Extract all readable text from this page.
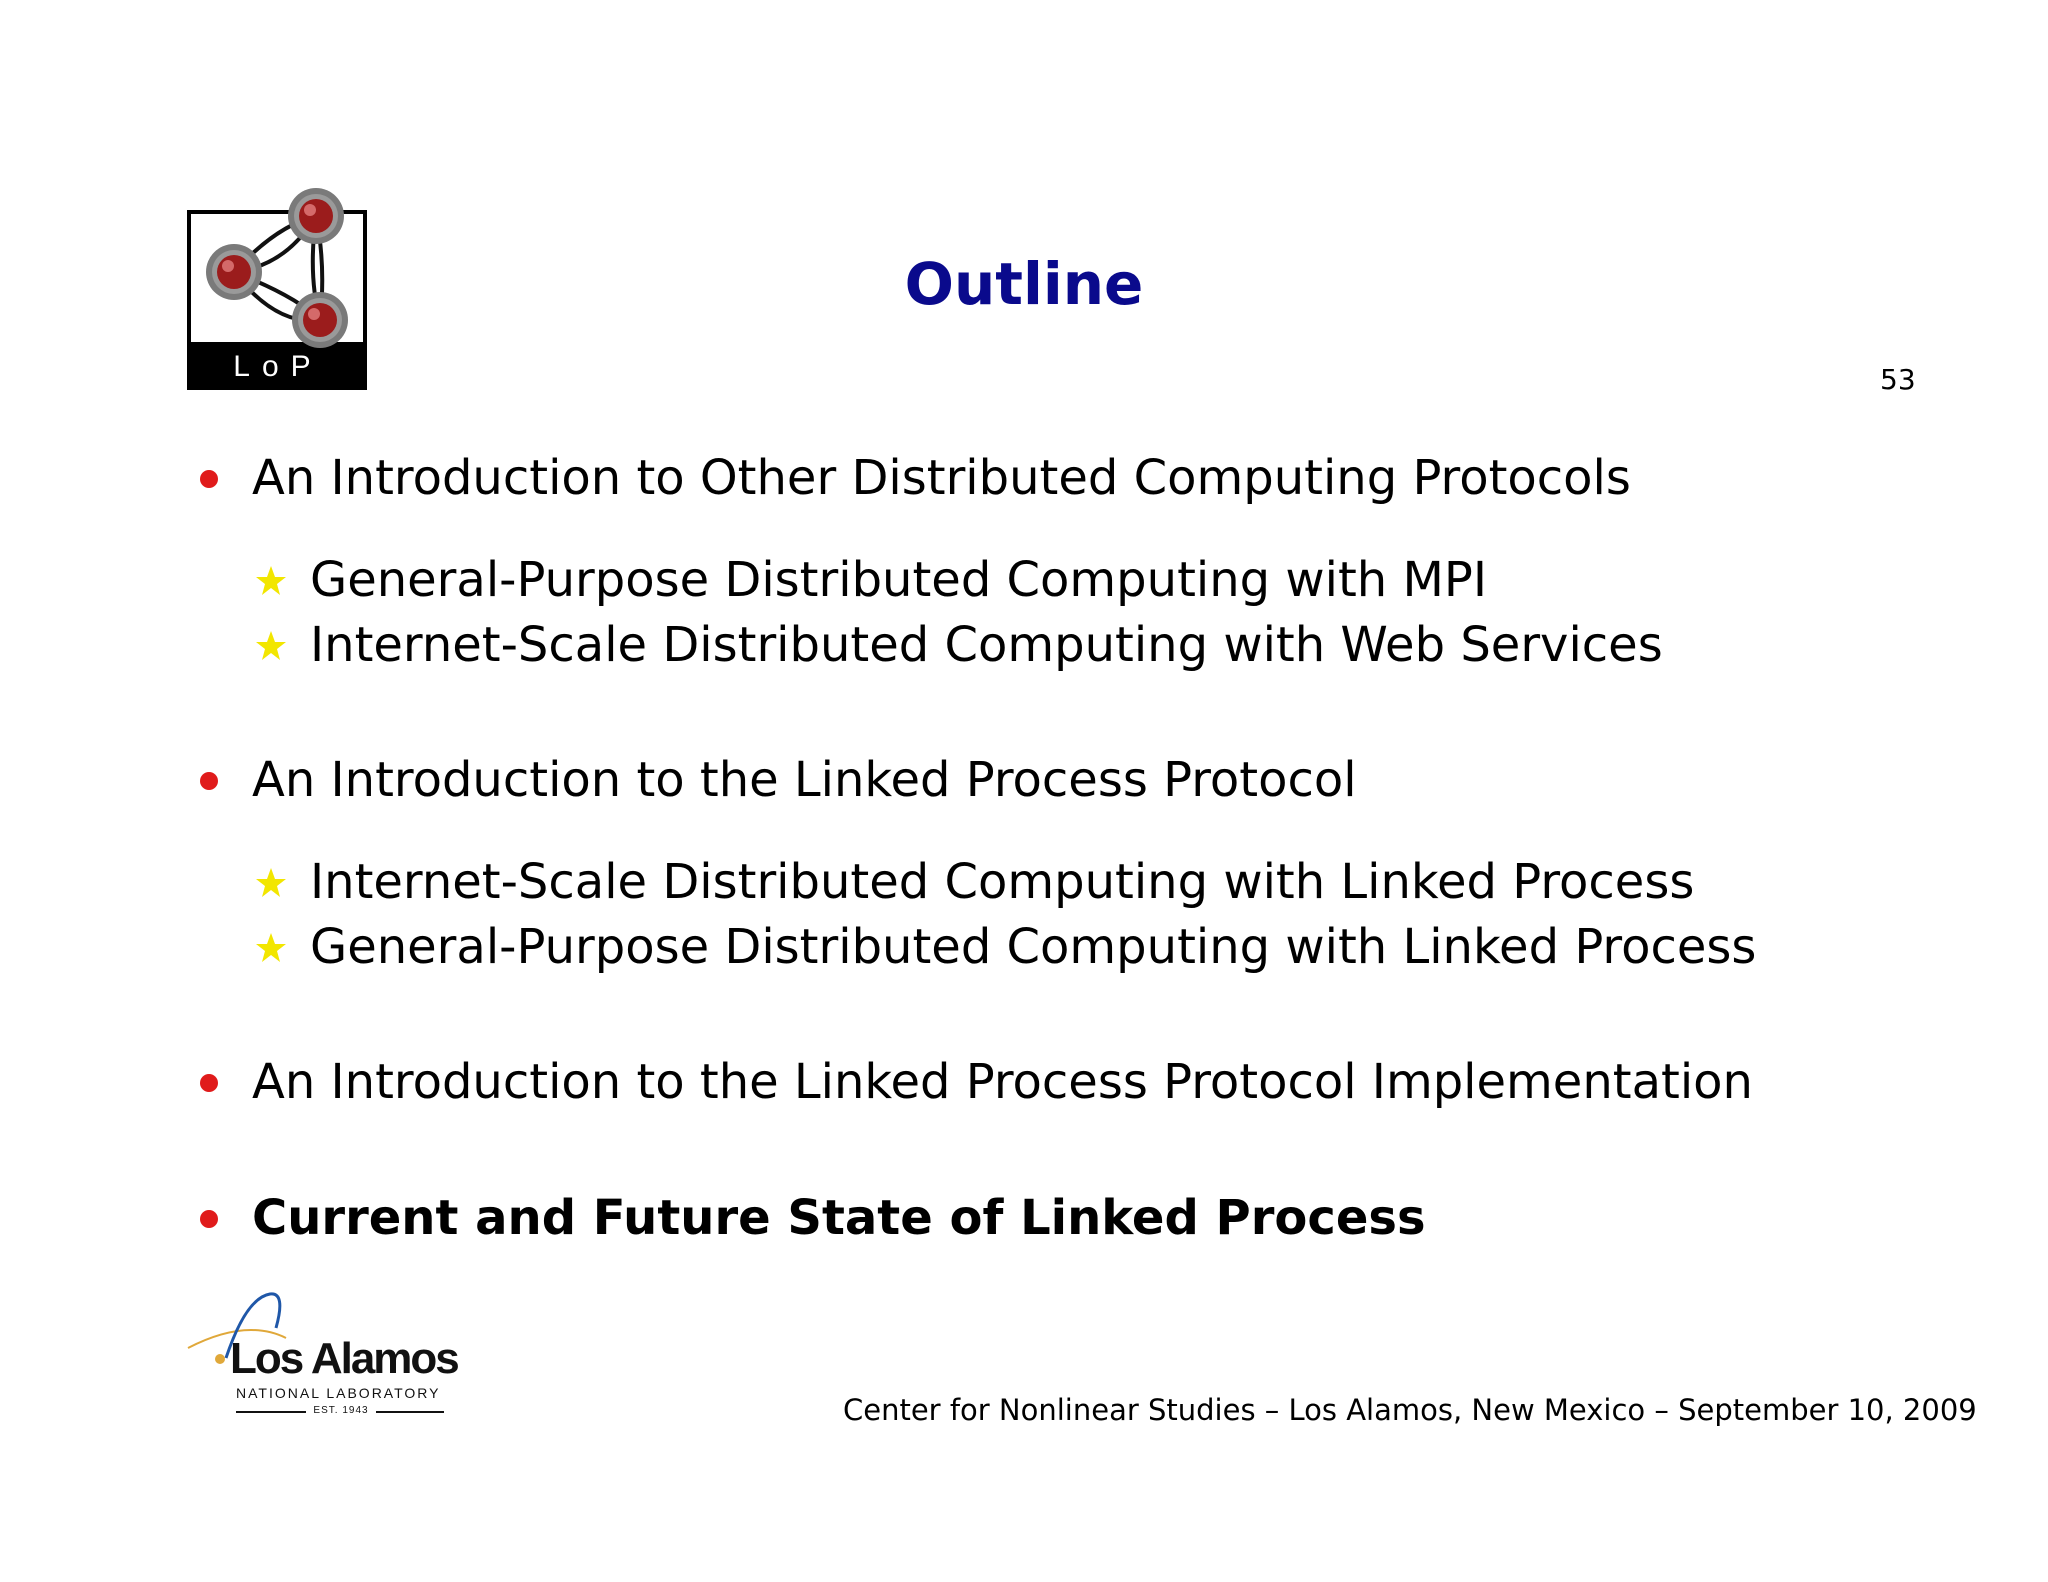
LoP
Outline
53
An Introduction to Other Distributed Computing Protocols
General-Purpose Distributed Computing with MPI
Internet-Scale Distributed Computing with Web Services
An Introduction to the Linked Process Protocol
Internet-Scale Distributed Computing with Linked Process
General-Purpose Distributed Computing with Linked Process
An Introduction to the Linked Process Protocol Implementation
Current and Future State of Linked Process
Los Alamos
NATIONAL LABORATORY
EST. 1943	Center for Nonlinear Studies – Los Alamos, New Mexico – September 10, 2009
